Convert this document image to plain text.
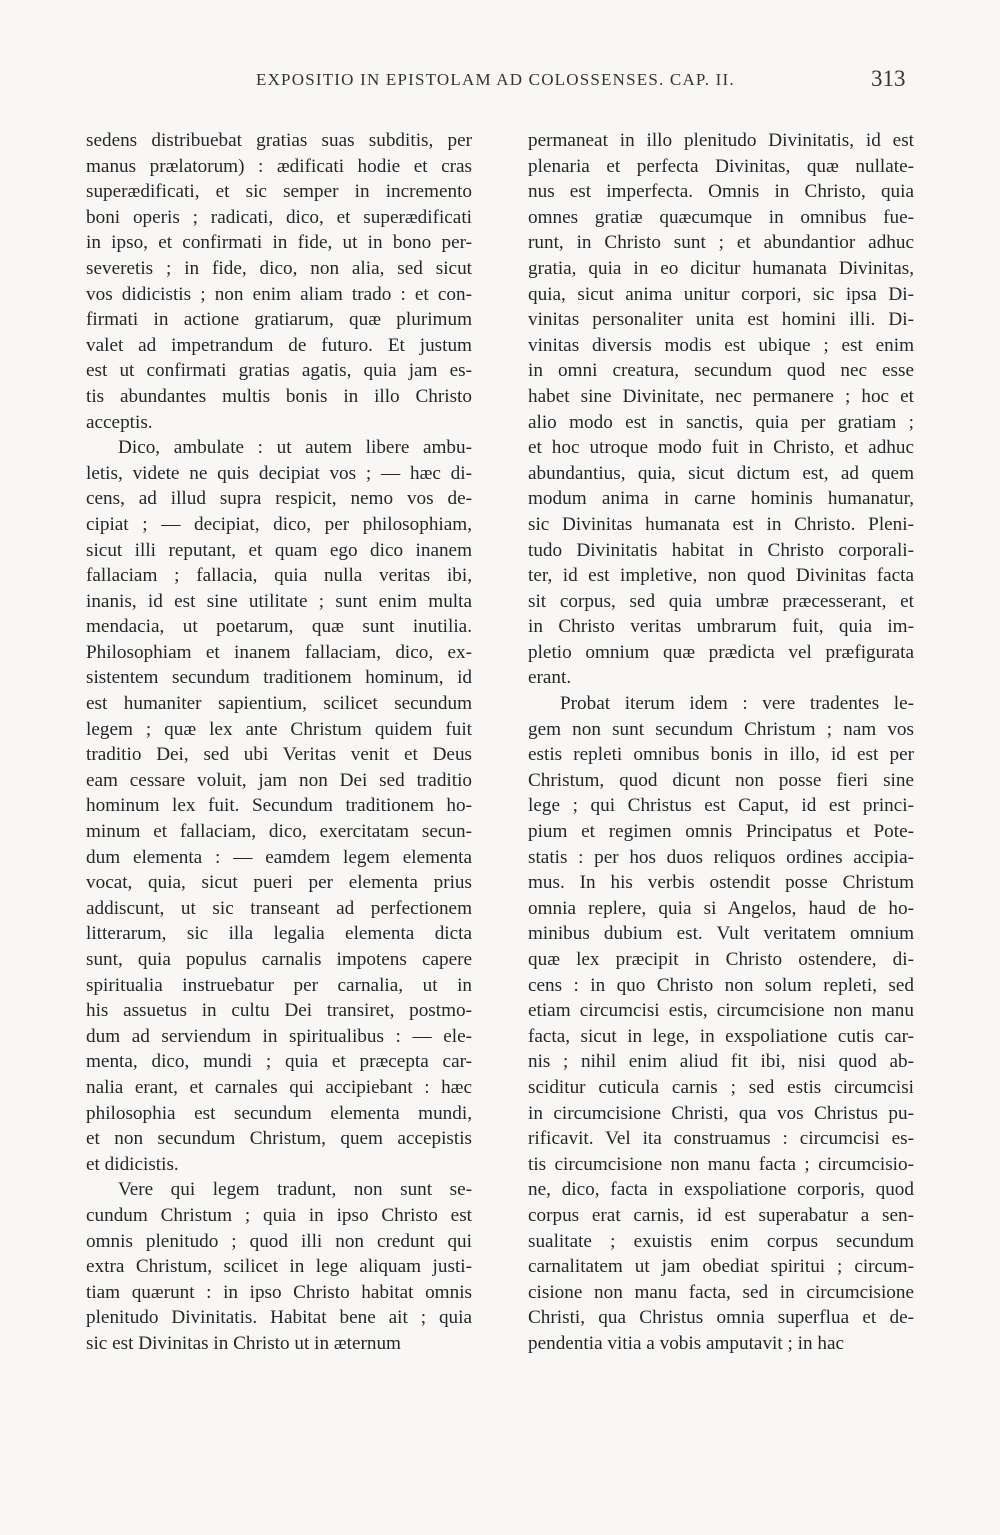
EXPOSITIO IN EPISTOLAM AD COLOSSENSES. CAP. II.	313
sedens distribuebat gratias suas subditis, per
manus prælatorum) : ædificati hodie et cras
superædificati, et sic semper in incremento
boni operis ; radicati, dico, et superædificati
in ipso, et confirmati in fide, ut in bono per-
severetis ; in fide, dico, non alia, sed sicut
vos didicistis ; non enim aliam trado : et con-
firmati in actione gratiarum, quæ plurimum
valet ad impetrandum de futuro. Et justum
est ut confirmati gratias agatis, quia jam es-
tis abundantes multis bonis in illo Christo
acceptis.
Dico, ambulate : ut autem libere ambu-
letis, videte ne quis decipiat vos ; — hæc di-
cens, ad illud supra respicit, nemo vos de-
cipiat ; — decipiat, dico, per philosophiam,
sicut illi reputant, et quam ego dico inanem
fallaciam ; fallacia, quia nulla veritas ibi,
inanis, id est sine utilitate ; sunt enim multa
mendacia, ut poetarum, quæ sunt inutilia.
Philosophiam et inanem fallaciam, dico, ex-
sistentem secundum traditionem hominum, id
est humaniter sapientium, scilicet secundum
legem ; quæ lex ante Christum quidem fuit
traditio Dei, sed ubi Veritas venit et Deus
eam cessare voluit, jam non Dei sed traditio
hominum lex fuit. Secundum traditionem ho-
minum et fallaciam, dico, exercitatam secun-
dum elementa : — eamdem legem elementa
vocat, quia, sicut pueri per elementa prius
addiscunt, ut sic transeant ad perfectionem
litterarum, sic illa legalia elementa dicta
sunt, quia populus carnalis impotens capere
spiritualia instruebatur per carnalia, ut in
his assuetus in cultu Dei transiret, postmo-
dum ad serviendum in spiritualibus : — ele-
menta, dico, mundi ; quia et præcepta car-
nalia erant, et carnales qui accipiebant : hæc
philosophia est secundum elementa mundi,
et non secundum Christum, quem accepistis
et didicistis.
Vere qui legem tradunt, non sunt se-
cundum Christum ; quia in ipso Christo est
omnis plenitudo ; quod illi non credunt qui
extra Christum, scilicet in lege aliquam justi-
tiam quærunt : in ipso Christo habitat omnis
plenitudo Divinitatis. Habitat bene ait ; quia
sic est Divinitas in Christo ut in æternum
permaneat in illo plenitudo Divinitatis, id est
plenaria et perfecta Divinitas, quæ nullate-
nus est imperfecta. Omnis in Christo, quia
omnes gratiæ quæcumque in omnibus fue-
runt, in Christo sunt ; et abundantior adhuc
gratia, quia in eo dicitur humanata Divinitas,
quia, sicut anima unitur corpori, sic ipsa Di-
vinitas personaliter unita est homini illi. Di-
vinitas diversis modis est ubique ; est enim
in omni creatura, secundum quod nec esse
habet sine Divinitate, nec permanere ; hoc et
alio modo est in sanctis, quia per gratiam ;
et hoc utroque modo fuit in Christo, et adhuc
abundantius, quia, sicut dictum est, ad quem
modum anima in carne hominis humanatur,
sic Divinitas humanata est in Christo. Pleni-
tudo Divinitatis habitat in Christo corporali-
ter, id est impletive, non quod Divinitas facta
sit corpus, sed quia umbræ præcesserant, et
in Christo veritas umbrarum fuit, quia im-
pletio omnium quæ prædicta vel præfigurata
erant.
Probat iterum idem : vere tradentes le-
gem non sunt secundum Christum ; nam vos
estis repleti omnibus bonis in illo, id est per
Christum, quod dicunt non posse fieri sine
lege ; qui Christus est Caput, id est princi-
pium et regimen omnis Principatus et Pote-
statis : per hos duos reliquos ordines accipia-
mus. In his verbis ostendit posse Christum
omnia replere, quia si Angelos, haud de ho-
minibus dubium est. Vult veritatem omnium
quæ lex præcipit in Christo ostendere, di-
cens : in quo Christo non solum repleti, sed
etiam circumcisi estis, circumcisione non manu
facta, sicut in lege, in exspoliatione cutis car-
nis ; nihil enim aliud fit ibi, nisi quod ab-
sciditur cuticula carnis ; sed estis circumcisi
in circumcisione Christi, qua vos Christus pu-
rificavit. Vel ita construamus : circumcisi es-
tis circumcisione non manu facta ; circumcisio-
ne, dico, facta in exspoliatione corporis, quod
corpus erat carnis, id est superabatur a sen-
sualitate ; exuistis enim corpus secundum
carnalitatem ut jam obediat spiritui ; circum-
cisione non manu facta, sed in circumcisione
Christi, qua Christus omnia superflua et de-
pendentia vitia a vobis amputavit ; in hac
